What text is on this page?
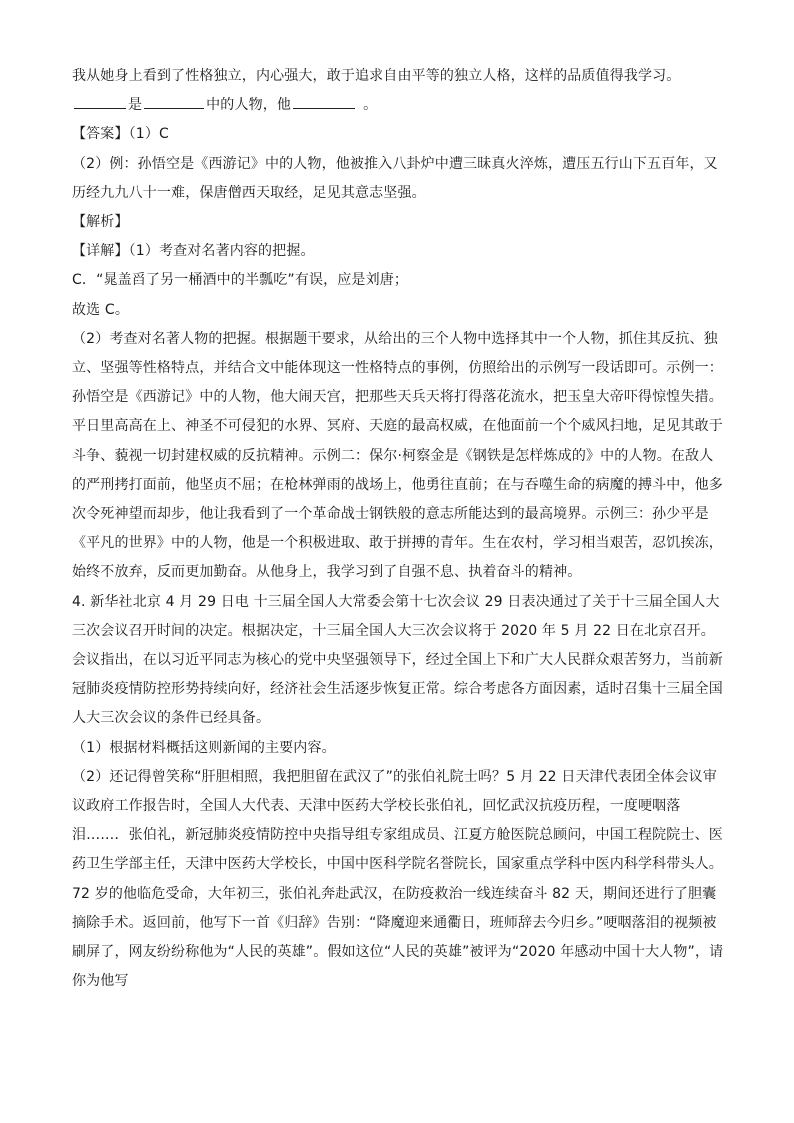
我从她身上看到了性格独立，内心强大，敢于追求自由平等的独立人格，这样的品质值得我学习。

是	中的人物，他	。

【答案】（1）C

（2）例：孙悟空是《西游记》中的人物，他被推入八卦炉中遭三昧真火淬炼，遭压五行山下五百年，又历经九九八十一难，保唐僧西天取经，足见其意志坚强。

【解析】

【详解】（1）考查对名著内容的把握。

C．“晁盖舀了另一桶酒中的半瓢吃”有误，应是刘唐；

故选 C。

（2）考查对名著人物的把握。根据题干要求，从给出的三个人物中选择其中一个人物，抓住其反抗、独立、坚强等性格特点，并结合文中能体现这一性格特点的事例，仿照给出的示例写一段话即可。示例一：孙悟空是《西游记》中的人物，他大闹天宫，把那些天兵天将打得落花流水，把玉皇大帝吓得惊惶失措。平日里高高在上、神圣不可侵犯的水界、冥府、天庭的最高权威，在他面前一个个威风扫地，足见其敢于斗争、藐视一切封建权威的反抗精神。示例二：保尔·柯察金是《钢铁是怎样炼成的》中的人物。在敌人的严刑拷打面前，他坚贞不屈；在枪林弹雨的战场上，他勇往直前；在与吞噬生命的病魔的搏斗中，他多次令死神望而却步，他让我看到了一个革命战士钢铁般的意志所能达到的最高境界。示例三：孙少平是《平凡的世界》中的人物，他是一个积极进取、敢于拼搏的青年。生在农村，学习相当艰苦，忍饥挨冻，始终不放弃，反而更加勤奋。从他身上，我学习到了自强不息、执着奋斗的精神。

4. 新华社北京 4 月 29 日电 十三届全国人大常委会第十七次会议 29 日表决通过了关于十三届全国人大三次会议召开时间的决定。根据决定，十三届全国人大三次会议将于 2020 年 5 月 22 日在北京召开。会议指出，在以习近平同志为核心的党中央坚强领导下，经过全国上下和广大人民群众艰苦努力，当前新冠肺炎疫情防控形势持续向好，经济社会生活逐步恢复正常。综合考虑各方面因素，适时召集十三届全国人大三次会议的条件已经具备。

（1）根据材料概括这则新闻的主要内容。

（2）还记得曾笑称“肝胆相照，我把胆留在武汉了”的张伯礼院士吗？5 月 22 日天津代表团全体会议审议政府工作报告时，全国人大代表、天津中医药大学校长张伯礼，回忆武汉抗疫历程，一度哽咽落泪……．张伯礼，新冠肺炎疫情防控中央指导组专家组成员、江夏方舱医院总顾问，中国工程院院士、医药卫生学部主任，天津中医药大学校长，中国中医科学院名誉院长，国家重点学科中医内科学科带头人。72 岁的他临危受命，大年初三，张伯礼奔赴武汉，在防疫救治一线连续奋斗 82 天，期间还进行了胆囊摘除手术。返回前，他写下一首《归辞》告别：“降魔迎来通衢日，班师辞去今归乡。”哽咽落泪的视频被刷屏了，网友纷纷称他为“人民的英雄”。假如这位“人民的英雄”被评为“2020 年感动中国十大人物”，请你为他写
